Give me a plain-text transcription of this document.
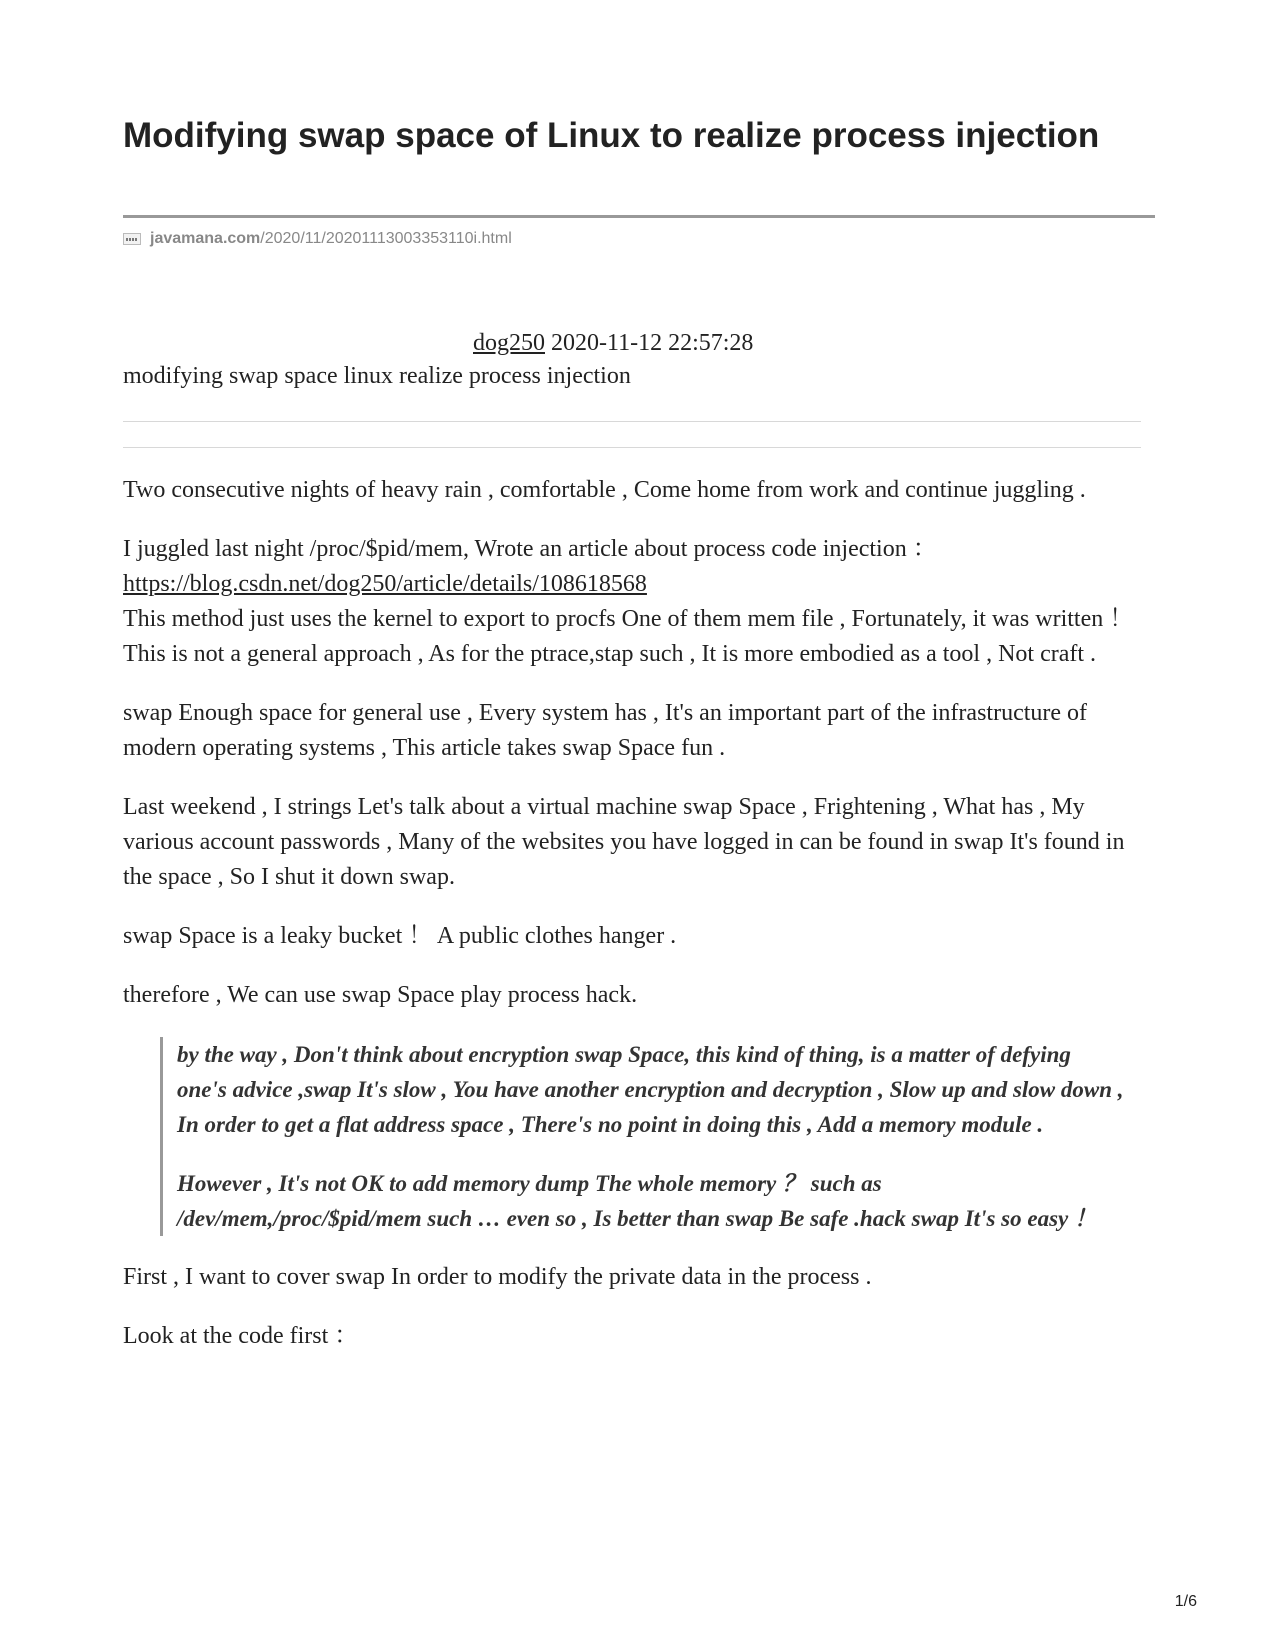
Modifying swap space of Linux to realize process injection
javamana.com /2020/11/20201113003353110i.html
dog250 2020-11-12 22:57:28
modifying swap space linux realize process injection

Two consecutive nights of heavy rain , comfortable , Come home from work and continue juggling .

I juggled last night /proc/$pid/mem, Wrote an article about process code injection ：
https://blog.csdn.net/dog250/article/details/108618568

This method just uses the kernel to export to procfs One of them mem file , Fortunately, it was written ！ This is not a general approach , As for the ptrace,stap such , It is more embodied as a tool , Not craft .

swap Enough space for general use , Every system has , It's an important part of the infrastructure of modern operating systems , This article takes swap Space fun .

Last weekend , I strings Let's talk about a virtual machine swap Space , Frightening , What has , My various account passwords , Many of the websites you have logged in can be found in swap It's found in the space , So I shut it down swap.

swap Space is a leaky bucket ！ A public clothes hanger .

therefore , We can use swap Space play process hack.

by the way , Don't think about encryption swap Space, this kind of thing, is a matter of defying one's advice ,swap It's slow , You have another encryption and decryption , Slow up and slow down , In order to get a flat address space , There's no point in doing this , Add a memory module .

However , It's not OK to add memory dump The whole memory ？ such as /dev/mem,/proc/$pid/mem such … even so , Is better than swap Be safe .hack swap It's so easy ！

First , I want to cover swap In order to modify the private data in the process .

Look at the code first ：

1/6
